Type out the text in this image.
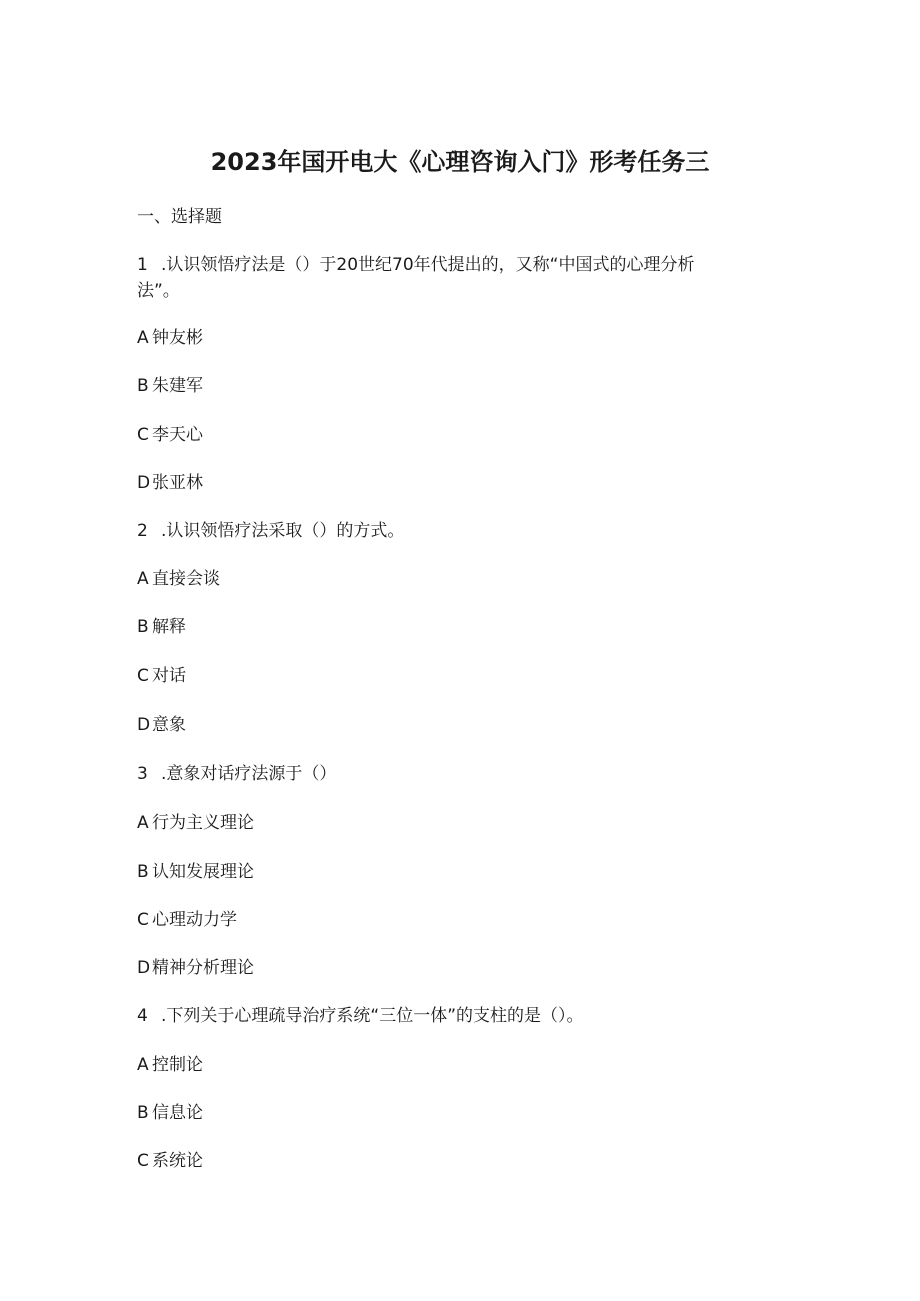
2023年国开电大《心理咨询入门》形考任务三
一、选择题
1 .认识领悟疗法是（）于20世纪70年代提出的，又称“中国式的心理分析
法”。
A 钟友彬
B 朱建军
C 李天心
D 张亚林
2 .认识领悟疗法采取（）的方式。
A 直接会谈
B 解释
C 对话
D 意象
3 .意象对话疗法源于（）
A 行为主义理论
B 认知发展理论
C 心理动力学
D 精神分析理论
4 .下列关于心理疏导治疗系统“三位一体”的支柱的是（）。
A 控制论
B 信息论
C 系统论
